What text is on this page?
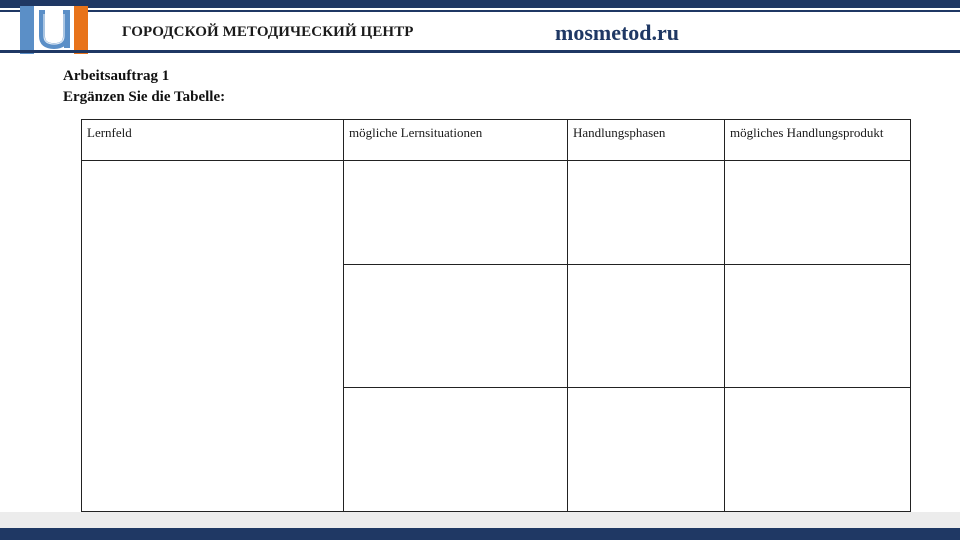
ГОРОДСКОЙ МЕТОДИЧЕСКИЙ ЦЕНТР	mosmetod.ru
Arbeitsauftrag 1
Ergänzen Sie die Tabelle:
Lernfeld	mögliche Lernsituationen	Handlungsphasen	mögliches Handlungsprodukt
